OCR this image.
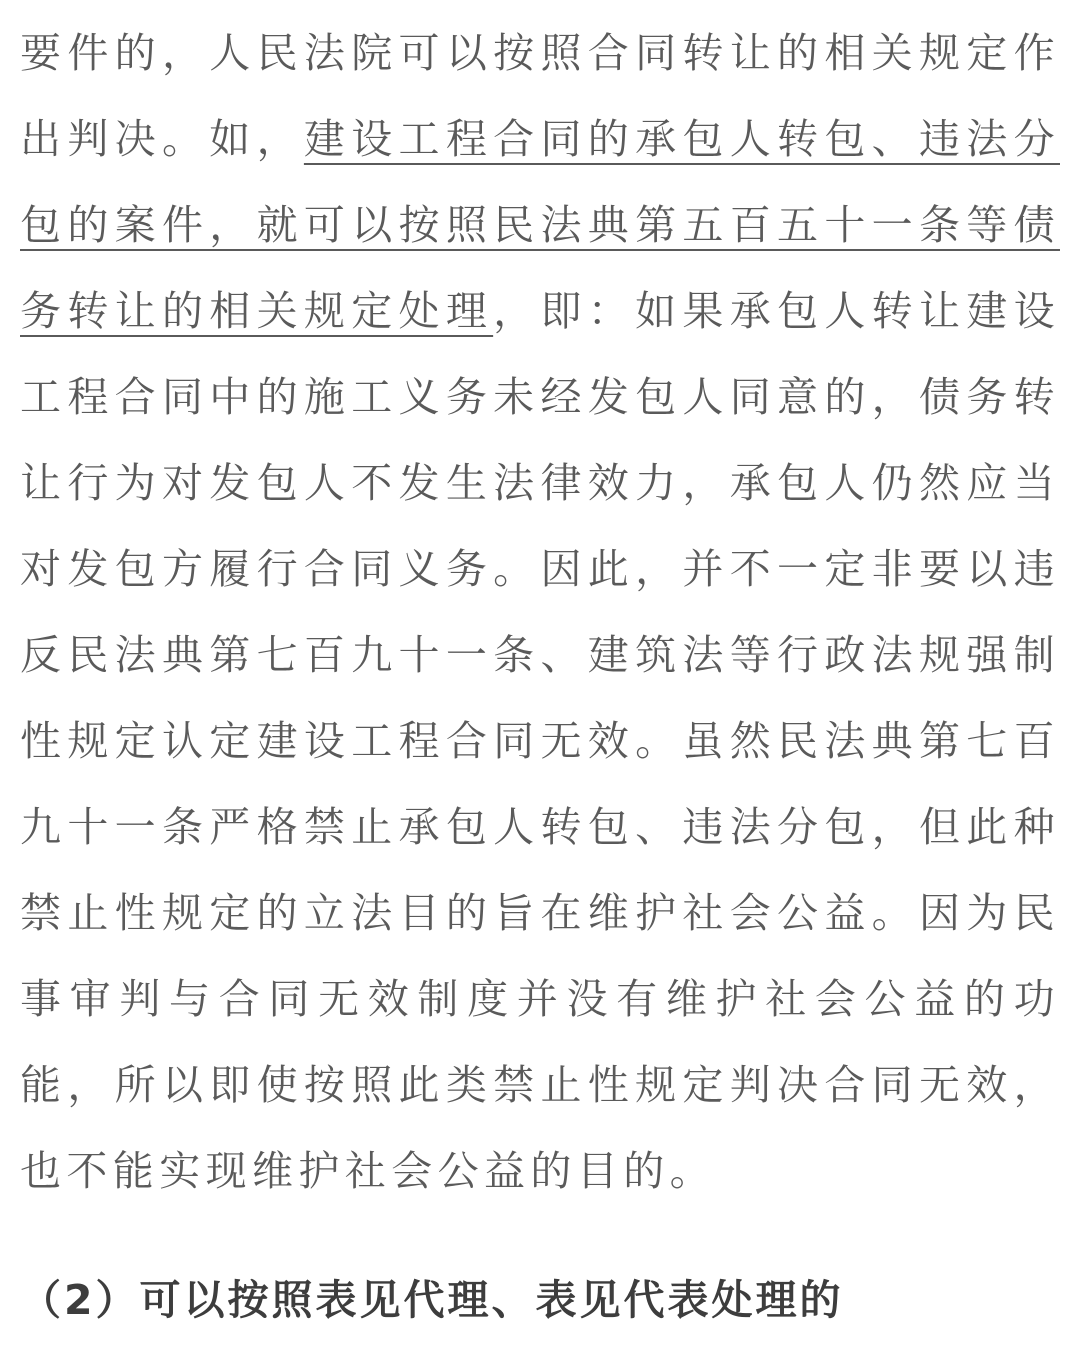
要件的，人民法院可以按照合同转让的相关规定作出判决。如，建设工程合同的承包人转包、违法分包的案件，就可以按照民法典第五百五十一条等债务转让的相关规定处理，即：如果承包人转让建设工程合同中的施工义务未经发包人同意的，债务转让行为对发包人不发生法律效力，承包人仍然应当对发包方履行合同义务。因此，并不一定非要以违反民法典第七百九十一条、建筑法等行政法规强制性规定认定建设工程合同无效。虽然民法典第七百九十一条严格禁止承包人转包、违法分包，但此种禁止性规定的立法目的旨在维护社会公益。因为民事审判与合同无效制度并没有维护社会公益的功能，所以即使按照此类禁止性规定判决合同无效，也不能实现维护社会公益的目的。

（2）可以按照表见代理、表见代表处理的
